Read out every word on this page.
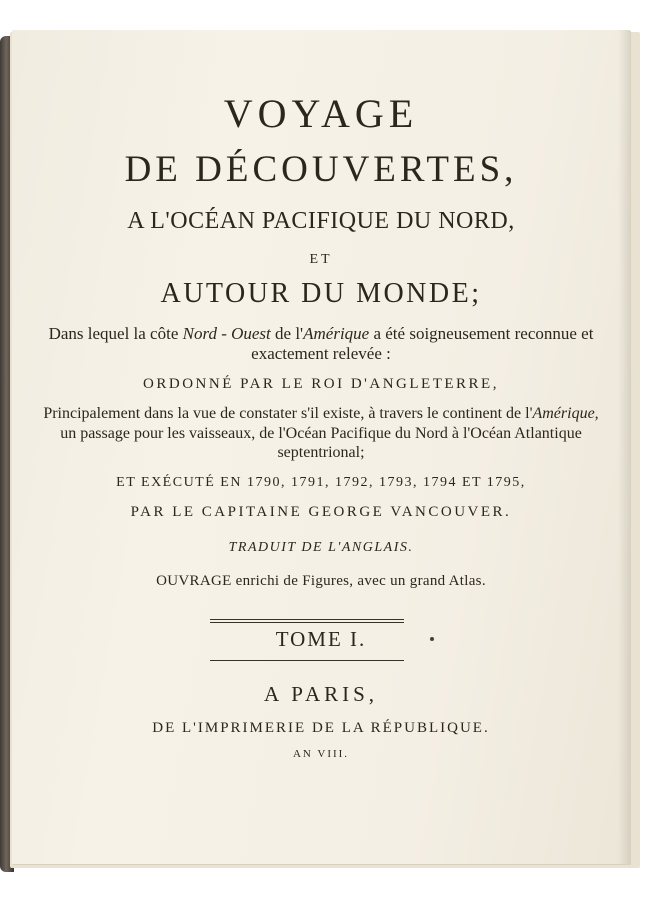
VOYAGE
DE DÉCOUVERTES,
A L'OCÉAN PACIFIQUE DU NORD,
ET
AUTOUR DU MONDE;
Dans lequel la côte Nord - Ouest de l'Amérique a été soigneusement reconnue et exactement relevée :
ORDONNÉ PAR LE ROI D'ANGLETERRE,
Principalement dans la vue de constater s'il existe, à travers le continent de l'Amérique, un passage pour les vaisseaux, de l'Océan Pacifique du Nord à l'Océan Atlantique septentrional;
ET EXÉCUTÉ EN 1790, 1791, 1792, 1793, 1794 ET 1795,
PAR LE CAPITAINE GEORGE VANCOUVER.
TRADUIT DE L'ANGLAIS.
OUVRAGE enrichi de Figures, avec un grand Atlas.
TOME I.
A PARIS,
DE L'IMPRIMERIE DE LA RÉPUBLIQUE.
AN VIII.
